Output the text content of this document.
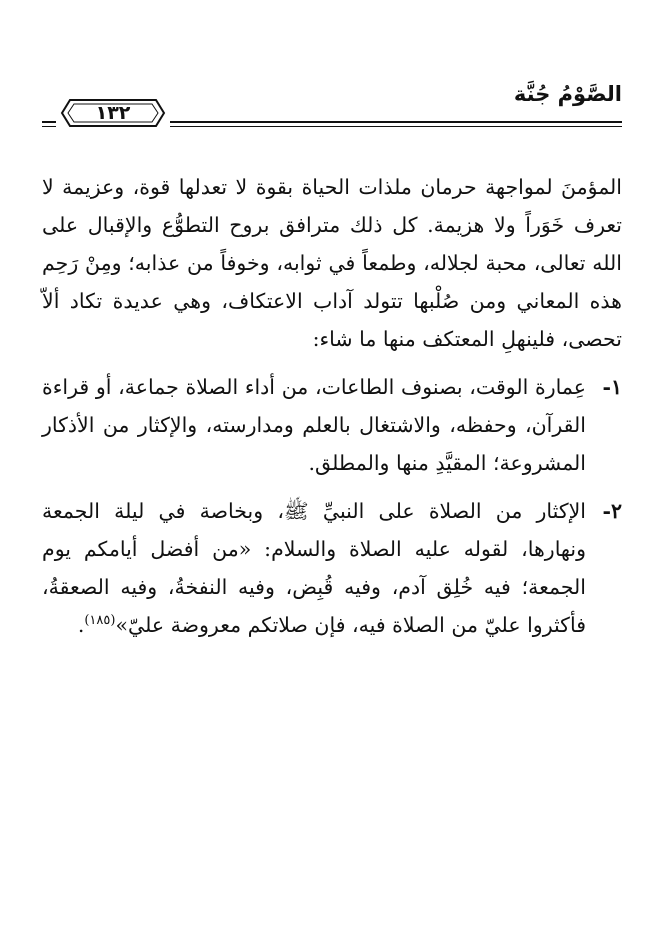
الصَّوْمُ جُنَّة
١٣٢

المؤمنَ لمواجهة حرمان ملذات الحياة بقوة لا تعدلها قوة، وعزيمة لا تعرف خَوَراً ولا هزيمة. كل ذلك مترافق بروح التطوُّع والإقبال على الله تعالى، محبة لجلاله، وطمعاً في ثوابه، وخوفاً من عذابه؛ ومِنْ رَحِم هذه المعاني ومن صُلْبها تتولد آداب الاعتكاف، وهي عديدة تكاد ألاّ تحصى، فلينهلِ المعتكف منها ما شاء:

١-
عِمارة الوقت، بصنوف الطاعات، من أداء الصلاة جماعة، أو قراءة القرآن، وحفظه، والاشتغال بالعلم ومدارسته، والإكثار من الأذكار المشروعة؛ المقيَّدِ منها والمطلق.
٢-
الإكثار من الصلاة على النبيِّ ﷺ، وبخاصة في ليلة الجمعة ونهارها، لقوله عليه الصلاة والسلام: «من أفضل أيامكم يوم الجمعة؛ فيه خُلِق آدم، وفيه قُبِض، وفيه النفخةُ، وفيه الصعقةُ، فأكثروا عليّ من الصلاة فيه، فإن صلاتكم معروضة عليّ»$^{(١٨٥)}$.
